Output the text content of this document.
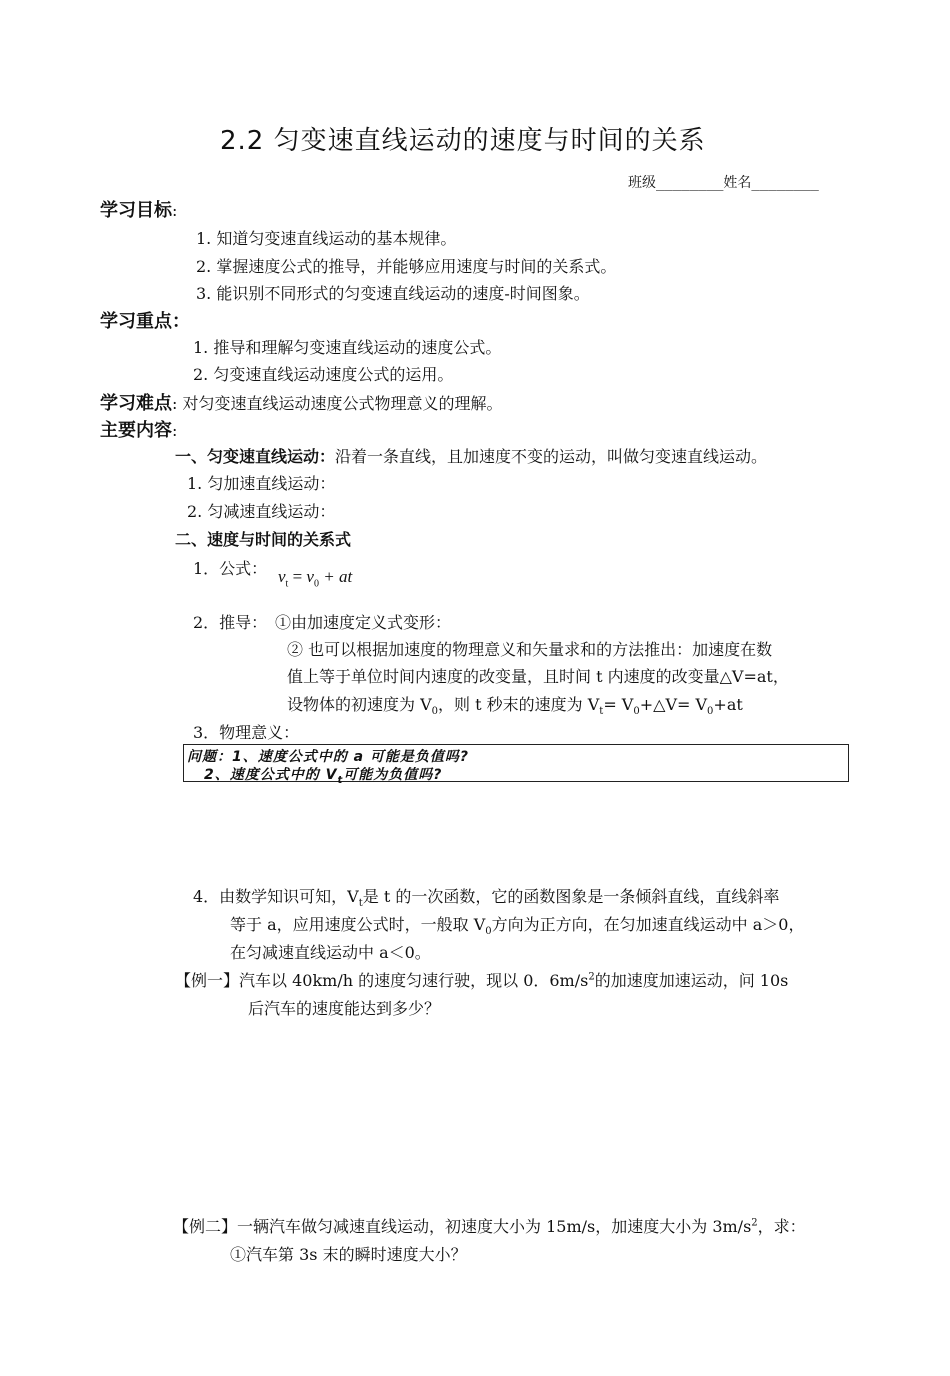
2.2 匀变速直线运动的速度与时间的关系
班级________姓名________
学习目标:
1. 知道匀变速直线运动的基本规律。
2. 掌握速度公式的推导，并能够应用速度与时间的关系式。
3. 能识别不同形式的匀变速直线运动的速度-时间图象。
学习重点：
1. 推导和理解匀变速直线运动的速度公式。
2. 匀变速直线运动速度公式的运用。
学习难点: 对匀变速直线运动速度公式物理意义的理解。
主要内容:
一、匀变速直线运动：沿着一条直线，且加速度不变的运动，叫做匀变速直线运动。
1. 匀加速直线运动：
2. 匀减速直线运动：
二、速度与时间的关系式
1．公式： $v_t = v_0$ + at
2．推导： ①由加速度定义式变形：
② 也可以根据加速度的物理意义和矢量求和的方法推出：加速度在数
值上等于单位时间内速度的改变量，且时间 t 内速度的改变量△V=at，
设物体的初速度为 $V_0$，则 t 秒末的速度为 $V_t=$ $V_0+\triangle V= V_0+at$
3．物理意义：
问题：1、速度公式中的 a 可能是负值吗?
2、速度公式中的 $V_t$可能为负值吗?
4．由数学知识可知，$V_t$是 t 的一次函数，它的函数图象是一条倾斜直线，直线斜率
等于 a，应用速度公式时，一般取 $V_0$方向为正方向，在匀加速直线运动中 a＞0，
在匀减速直线运动中 a＜0。
【例一】汽车以 40km/h 的速度匀速行驶，现以 0．$6m/s^2$的加速度加速运动，问 10s
后汽车的速度能达到多少？
【例二】一辆汽车做匀减速直线运动，初速度大小为 15m/s，加速度大小为 $3m/s^2$，求：
①汽车第 3s 末的瞬时速度大小？
